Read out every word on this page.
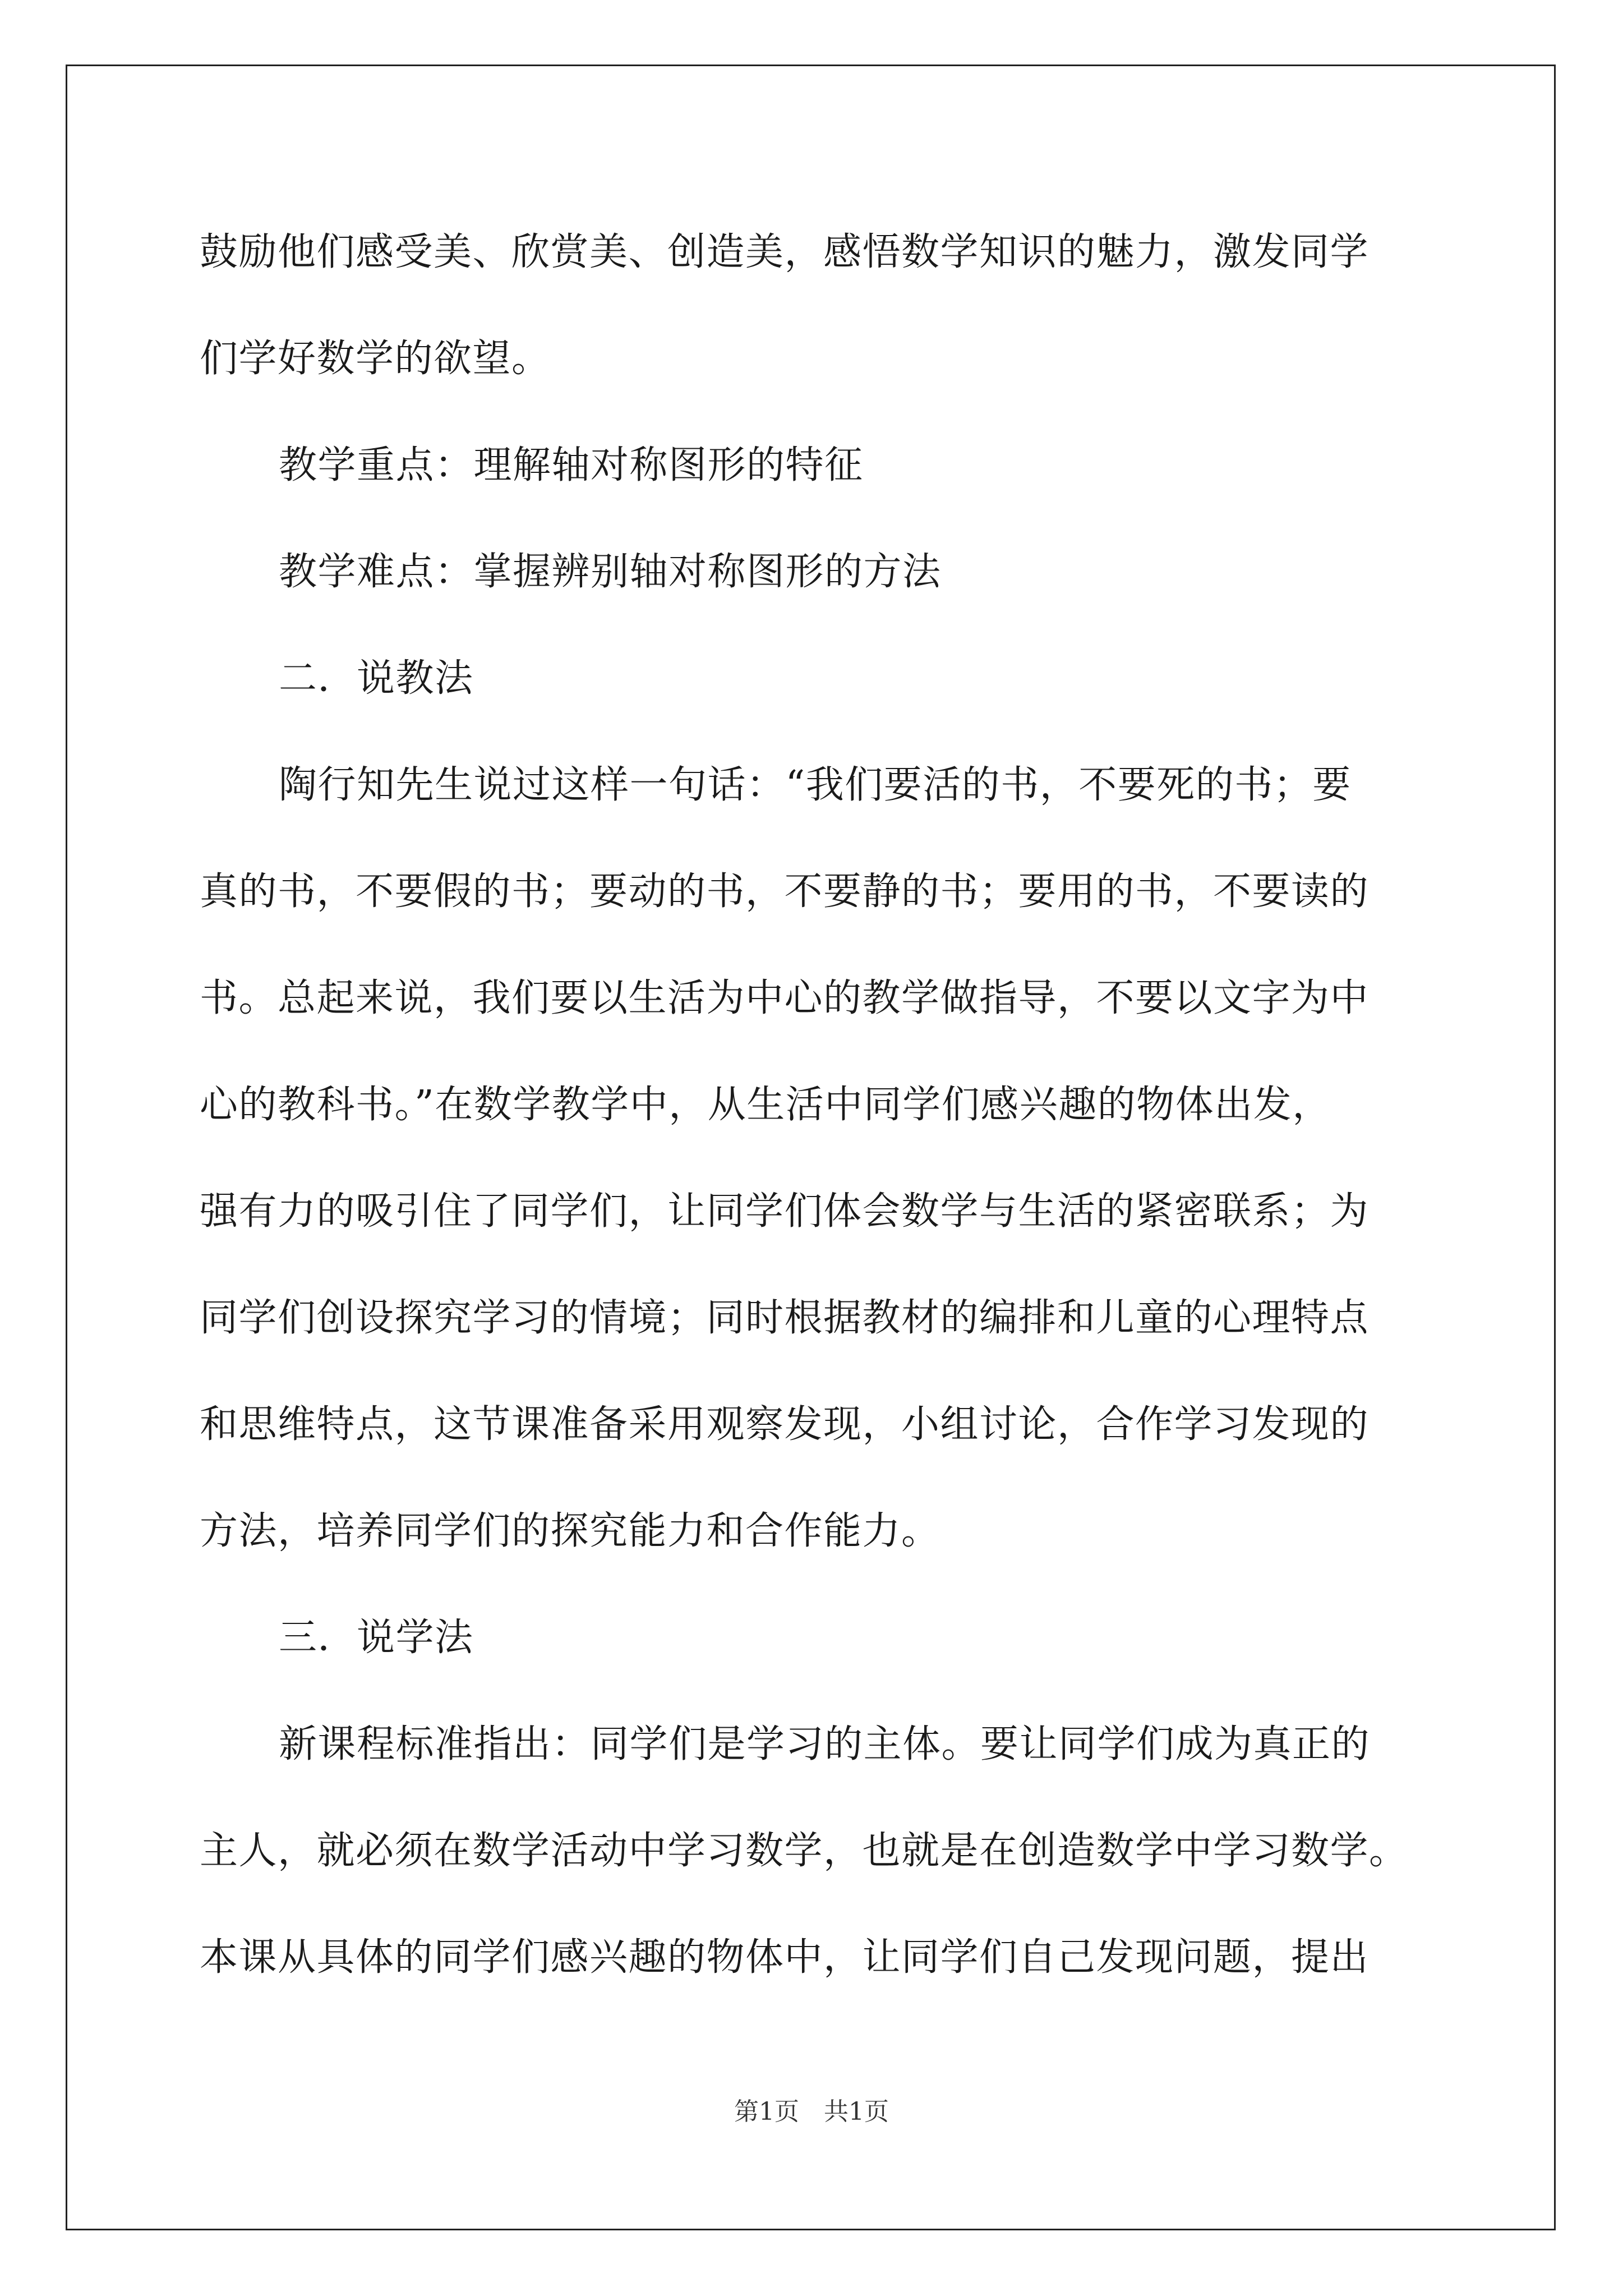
鼓励他们感受美、欣赏美、创造美，感悟数学知识的魅力，激发同学
们学好数学的欲望。
教学重点：理解轴对称图形的特征
教学难点：掌握辨别轴对称图形的方法
二．说教法
陶行知先生说过这样一句话：“我们要活的书，不要死的书；要
真的书，不要假的书；要动的书，不要静的书；要用的书，不要读的
书。总起来说，我们要以生活为中心的教学做指导，不要以文字为中
心的教科书。”在数学教学中，从生活中同学们感兴趣的物体出发，
强有力的吸引住了同学们，让同学们体会数学与生活的紧密联系；为
同学们创设探究学习的情境；同时根据教材的编排和儿童的心理特点
和思维特点，这节课准备采用观察发现，小组讨论，合作学习发现的
方法，培养同学们的探究能力和合作能力。
三．说学法
新课程标准指出：同学们是学习的主体。要让同学们成为真正的
主人，就必须在数学活动中学习数学，也就是在创造数学中学习数学。
本课从具体的同学们感兴趣的物体中，让同学们自己发现问题，提出
第1页　共1页
